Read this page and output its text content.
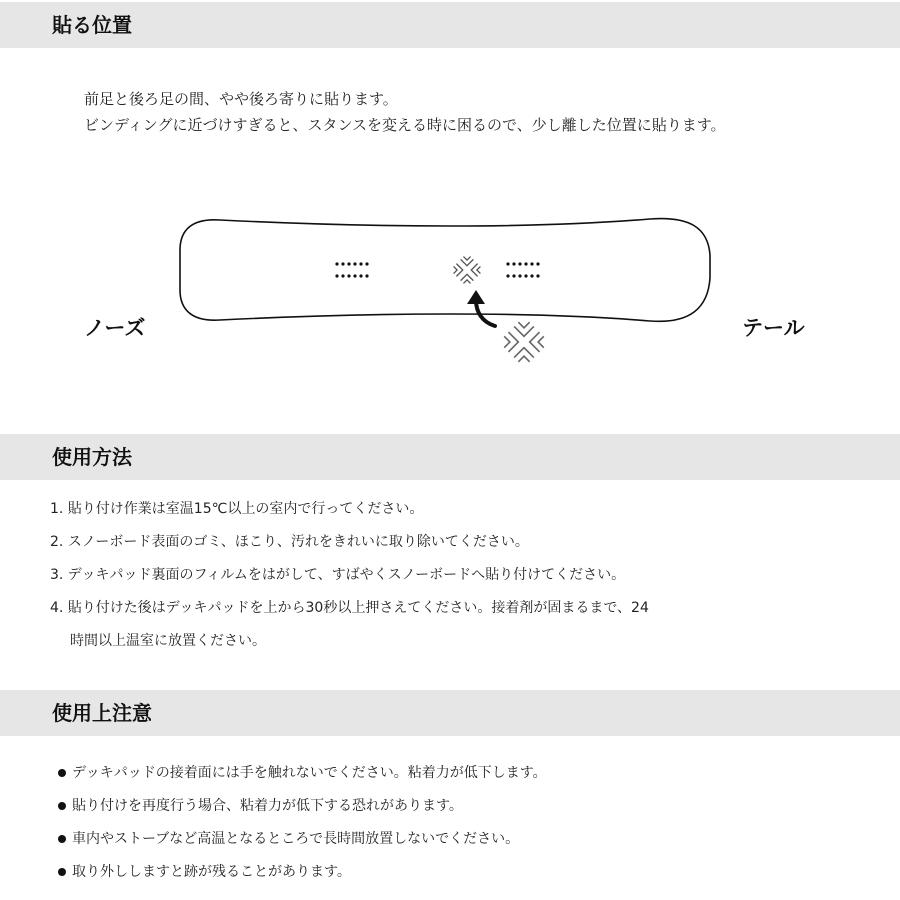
貼る位置
前足と後ろ足の間、やや後ろ寄りに貼ります。
ビンディングに近づけすぎると、スタンスを変える時に困るので、少し離した位置に貼ります。
ノーズ	テール
使用方法
1. 貼り付け作業は室温15℃以上の室内で行ってください。
2. スノーボード表面のゴミ、ほこり、汚れをきれいに取り除いてください。
3. デッキパッド裏面のフィルムをはがして、すばやくスノーボードへ貼り付けてください。
4. 貼り付けた後はデッキパッドを上から30秒以上押さえてください。接着剤が固まるまで、24
時間以上温室に放置ください。
使用上注意
デッキパッドの接着面には手を触れないでください。粘着力が低下します。
貼り付けを再度行う場合、粘着力が低下する恐れがあります。
車内やストーブなど高温となるところで長時間放置しないでください。
取り外ししますと跡が残ることがあります。
